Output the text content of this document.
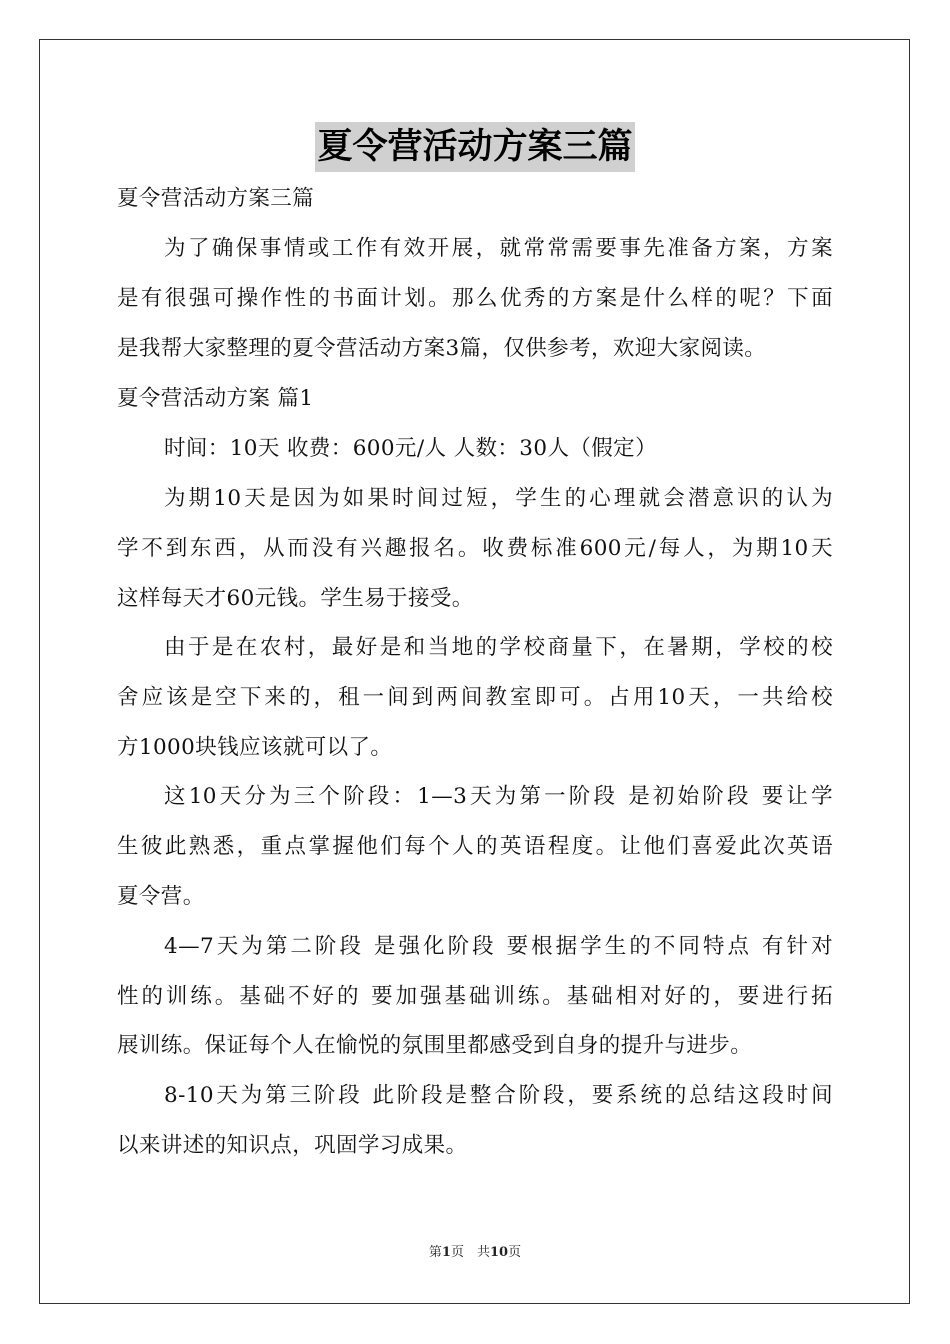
夏令营活动方案三篇
夏令营活动方案三篇
为了确保事情或工作有效开展，就常常需要事先准备方案，方案
是有很强可操作性的书面计划。那么优秀的方案是什么样的呢？下面
是我帮大家整理的夏令营活动方案3篇，仅供参考，欢迎大家阅读。
夏令营活动方案 篇1
时间：10天 收费：600元/人 人数：30人（假定）
为期10天是因为如果时间过短，学生的心理就会潜意识的认为
学不到东西，从而没有兴趣报名。收费标准600元/每人，为期10天
这样每天才60元钱。学生易于接受。
由于是在农村，最好是和当地的学校商量下，在暑期，学校的校
舍应该是空下来的，租一间到两间教室即可。占用10天，一共给校
方1000块钱应该就可以了。
这10天分为三个阶段：1—3天为第一阶段 是初始阶段 要让学
生彼此熟悉，重点掌握他们每个人的英语程度。让他们喜爱此次英语
夏令营。
4—7天为第二阶段 是强化阶段 要根据学生的不同特点 有针对
性的训练。基础不好的 要加强基础训练。基础相对好的，要进行拓
展训练。保证每个人在愉悦的氛围里都感受到自身的提升与进步。
8-10天为第三阶段 此阶段是整合阶段，要系统的总结这段时间
以来讲述的知识点，巩固学习成果。
第1页　共10页
